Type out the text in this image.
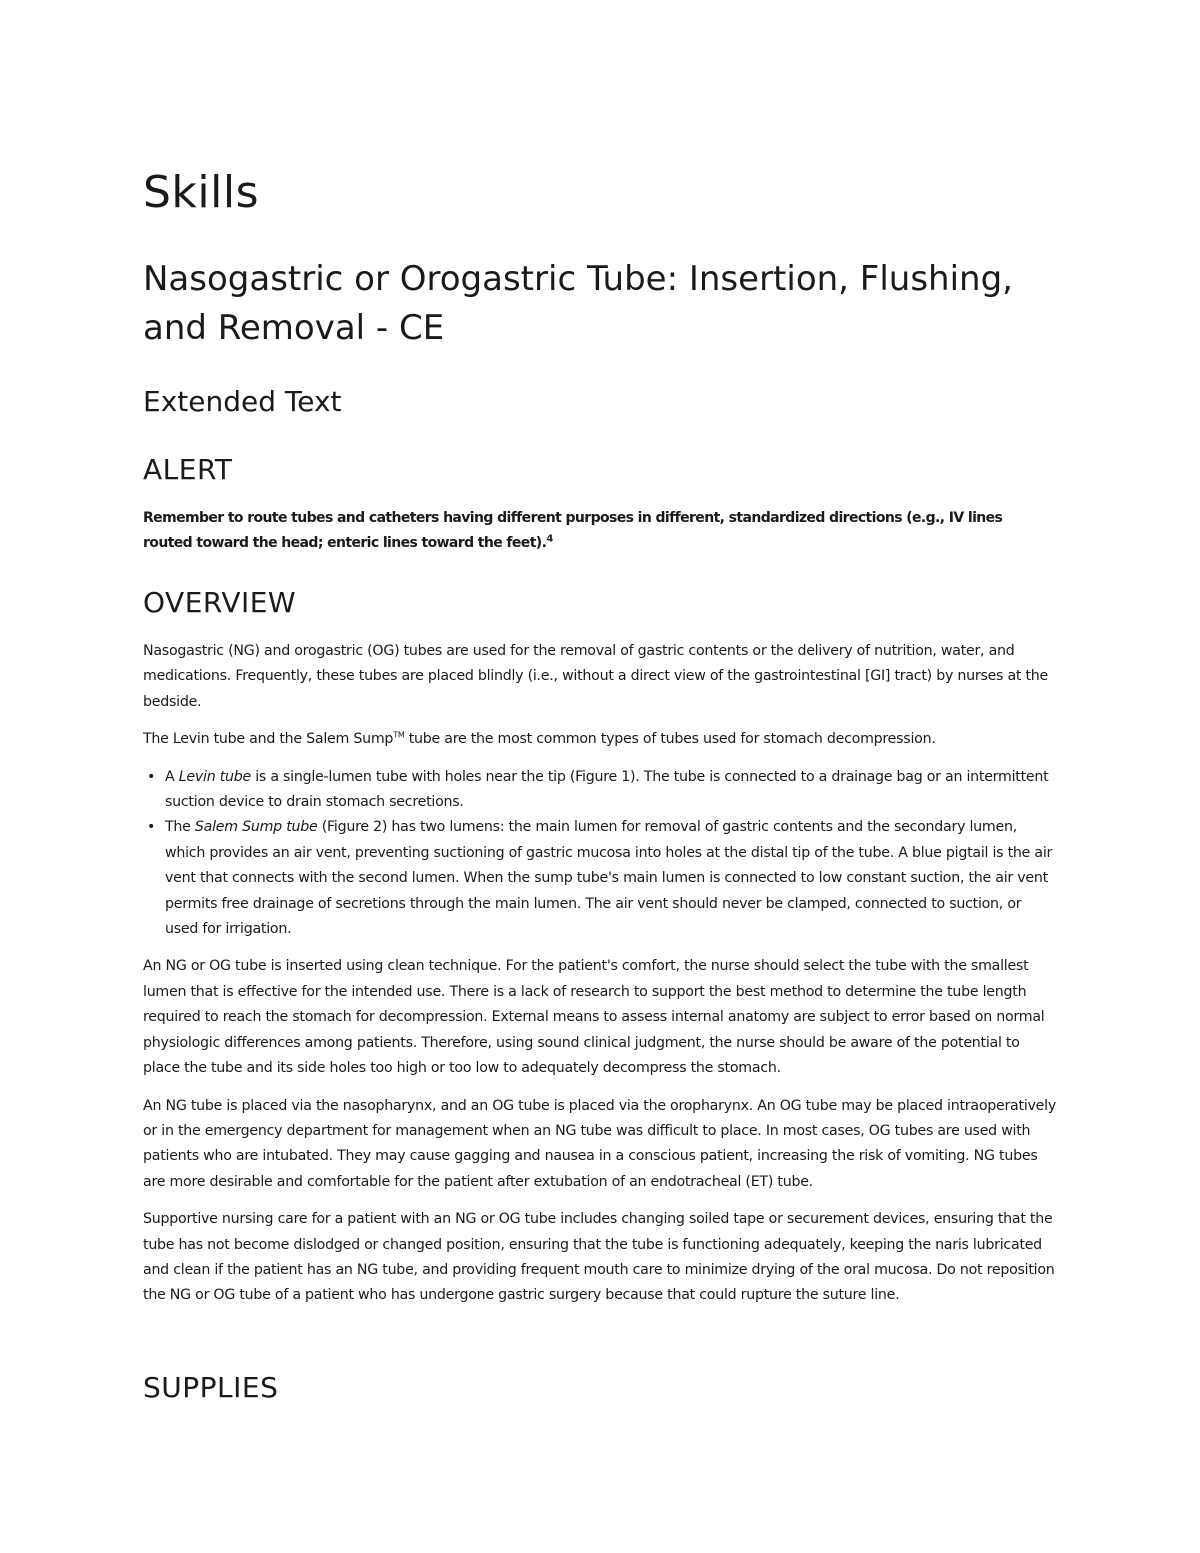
Skills
Nasogastric or Orogastric Tube: Insertion, Flushing, and Removal - CE
Extended Text
ALERT

Remember to route tubes and catheters having different purposes in different, standardized directions (e.g., IV lines routed toward the head; enteric lines toward the feet).$^4$

OVERVIEW

Nasogastric (NG) and orogastric (OG) tubes are used for the removal of gastric contents or the delivery of nutrition, water, and medications. Frequently, these tubes are placed blindly (i.e., without a direct view of the gastrointestinal [GI] tract) by nurses at the bedside.

The Levin tube and the Salem Sump™ tube are the most common types of tubes used for stomach decompression.

• A Levin tube is a single-lumen tube with holes near the tip (Figure 1). The tube is connected to a drainage bag or an intermittent suction device to drain stomach secretions.
• The Salem Sump tube (Figure 2) has two lumens: the main lumen for removal of gastric contents and the secondary lumen, which provides an air vent, preventing suctioning of gastric mucosa into holes at the distal tip of the tube. A blue pigtail is the air vent that connects with the second lumen. When the sump tube's main lumen is connected to low constant suction, the air vent permits free drainage of secretions through the main lumen. The air vent should never be clamped, connected to suction, or used for irrigation.

An NG or OG tube is inserted using clean technique. For the patient's comfort, the nurse should select the tube with the smallest lumen that is effective for the intended use. There is a lack of research to support the best method to determine the tube length required to reach the stomach for decompression. External means to assess internal anatomy are subject to error based on normal physiologic differences among patients. Therefore, using sound clinical judgment, the nurse should be aware of the potential to place the tube and its side holes too high or too low to adequately decompress the stomach.

An NG tube is placed via the nasopharynx, and an OG tube is placed via the oropharynx. An OG tube may be placed intraoperatively or in the emergency department for management when an NG tube was difficult to place. In most cases, OG tubes are used with patients who are intubated. They may cause gagging and nausea in a conscious patient, increasing the risk of vomiting. NG tubes are more desirable and comfortable for the patient after extubation of an endotracheal (ET) tube.

Supportive nursing care for a patient with an NG or OG tube includes changing soiled tape or securement devices, ensuring that the tube has not become dislodged or changed position, ensuring that the tube is functioning adequately, keeping the naris lubricated and clean if the patient has an NG tube, and providing frequent mouth care to minimize drying of the oral mucosa. Do not reposition the NG or OG tube of a patient who has undergone gastric surgery because that could rupture the suture line.

SUPPLIES
